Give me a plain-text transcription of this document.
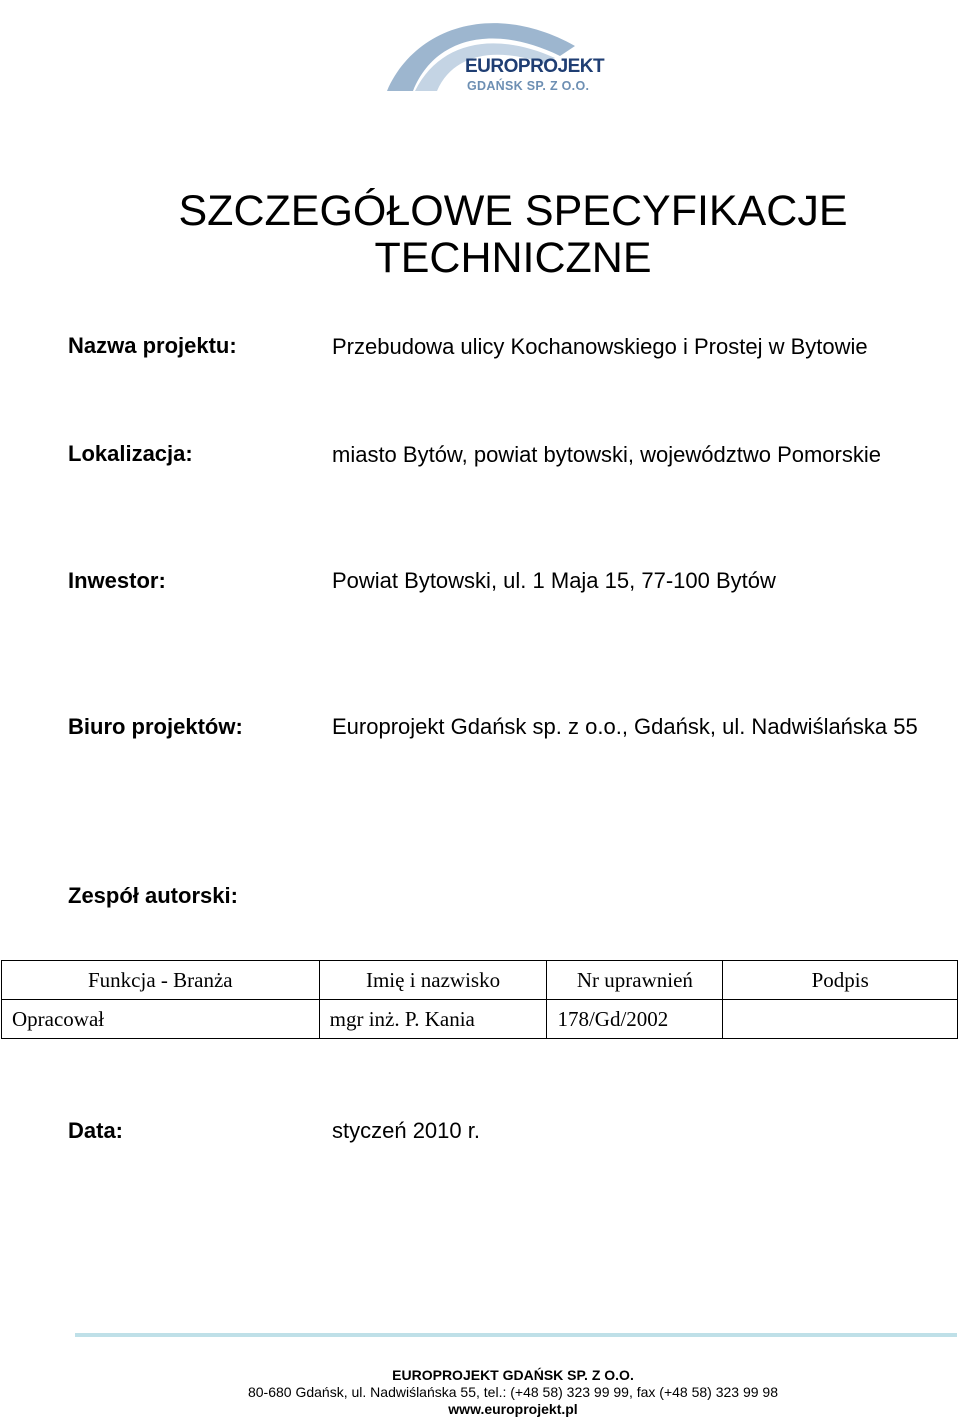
EUROPROJEKT
GDAŃSK SP. Z O.O.
SZCZEGÓŁOWE SPECYFIKACJE
TECHNICZNE
Nazwa projektu:	Przebudowa ulicy Kochanowskiego i Prostej w Bytowie
Lokalizacja:	miasto Bytów, powiat bytowski, województwo Pomorskie
Inwestor:	Powiat Bytowski, ul. 1 Maja 15, 77-100 Bytów
Biuro projektów:	Europrojekt Gdańsk sp. z o.o., Gdańsk, ul. Nadwiślańska 55
Zespół autorski:
Funkcja - Branża	Imię i nazwisko	Nr uprawnień	Podpis
Opracował	mgr inż. P. Kania	178/Gd/2002	
Data:	styczeń 2010 r.
EUROPROJEKT GDAŃSK SP. Z O.O.
80-680 Gdańsk, ul. Nadwiślańska 55, tel.: (+48 58) 323 99 99, fax (+48 58) 323 99 98
www.europrojekt.pl
